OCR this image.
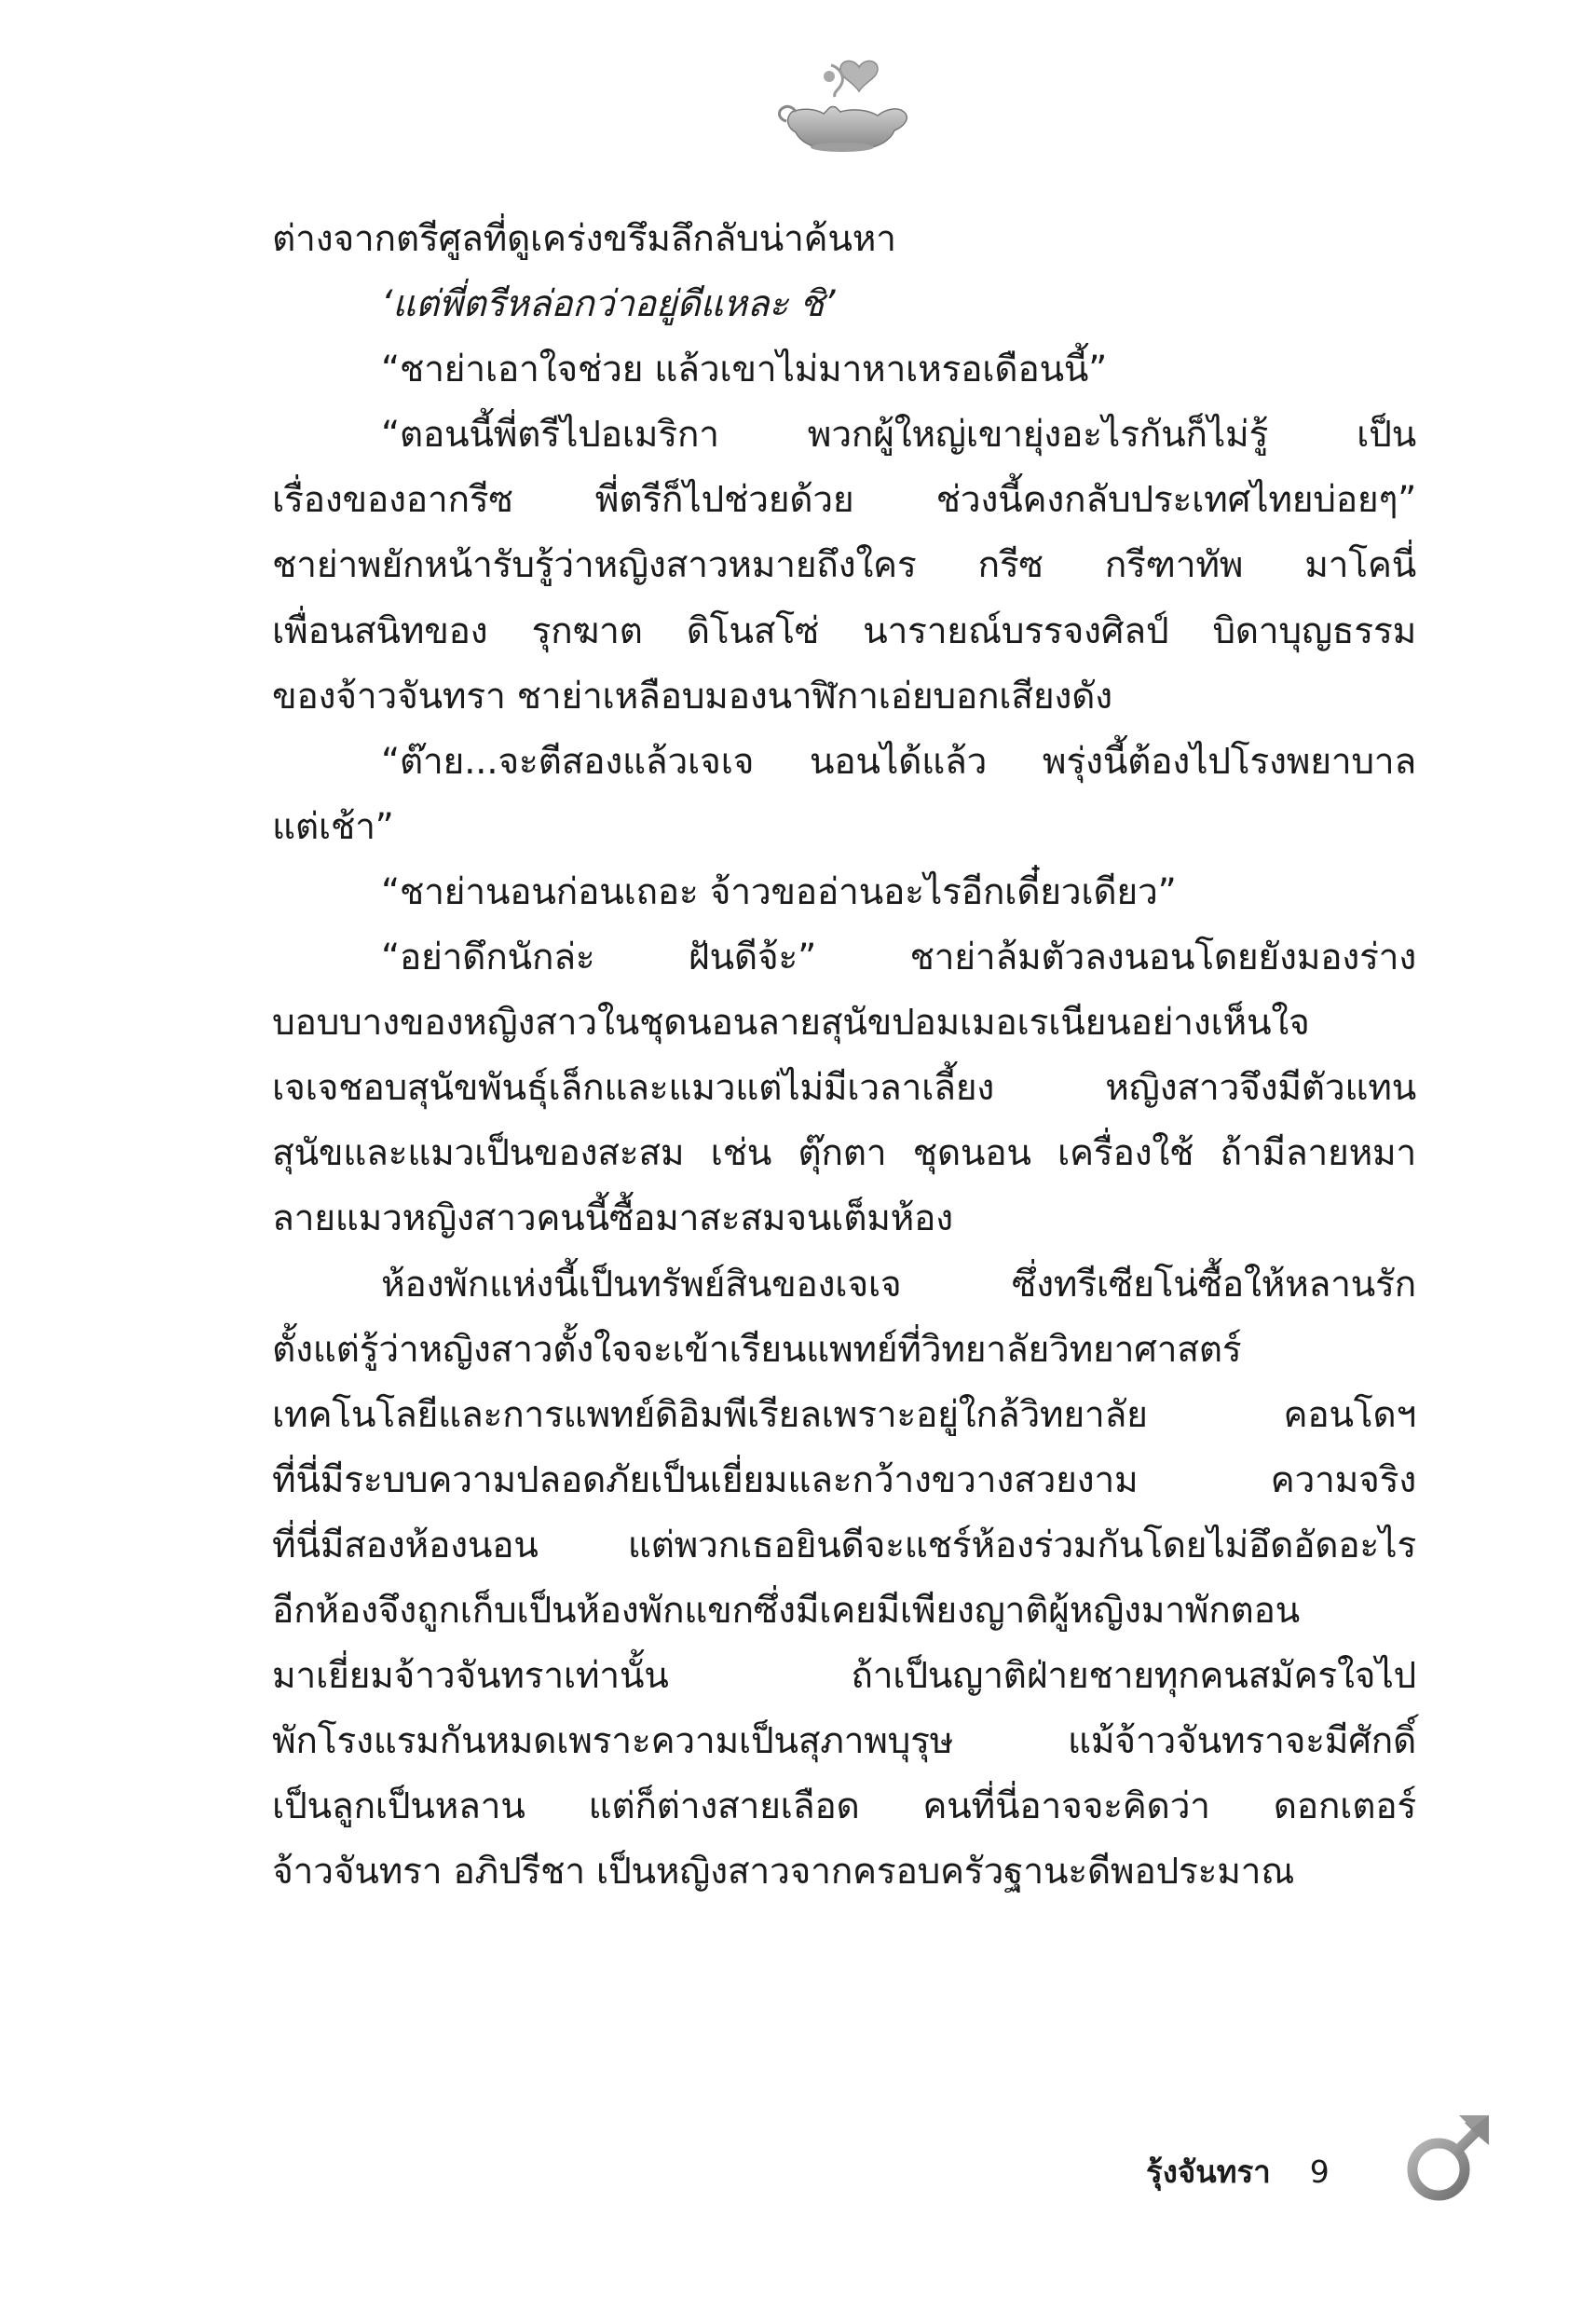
ต่างจากตรีศูลที่ดูเคร่งขรึมลึกลับน่าค้นหา
‘แต่พี่ตรีหล่อกว่าอยู่ดีแหละ ชิ’
“ชาย่าเอาใจช่วย แล้วเขาไม่มาหาเหรอเดือนนี้”
“ตอนนี้พี่ตรีไปอเมริกา พวกผู้ใหญ่เขายุ่งอะไรกันก็ไม่รู้ เป็น
เรื่องของอากรีซ พี่ตรีก็ไปช่วยด้วย ช่วงนี้คงกลับประเทศไทยบ่อยๆ”
ชาย่าพยักหน้ารับรู้ว่าหญิงสาวหมายถึงใคร กรีซ กรีฑาทัพ มาโคนี่
เพื่อนสนิทของ รุกฆาต ดิโนสโซ่ นารายณ์บรรจงศิลป์ บิดาบุญธรรม
ของจ้าวจันทรา ชาย่าเหลือบมองนาฬิกาเอ่ยบอกเสียงดัง
“ต๊าย...จะตีสองแล้วเจเจ นอนได้แล้ว พรุ่งนี้ต้องไปโรงพยาบาล
แต่เช้า”
“ชาย่านอนก่อนเถอะ จ้าวขออ่านอะไรอีกเดี๋ยวเดียว”
“อย่าดึกนักล่ะ ฝันดีจ้ะ” ชาย่าล้มตัวลงนอนโดยยังมองร่าง
บอบบางของหญิงสาวในชุดนอนลายสุนัขปอมเมอเรเนียนอย่างเห็นใจ
เจเจชอบสุนัขพันธุ์เล็กและแมวแต่ไม่มีเวลาเลี้ยง หญิงสาวจึงมีตัวแทน
สุนัขและแมวเป็นของสะสม เช่น ตุ๊กตา ชุดนอน เครื่องใช้ ถ้ามีลายหมา
ลายแมวหญิงสาวคนนี้ซื้อมาสะสมจนเต็มห้อง
ห้องพักแห่งนี้เป็นทรัพย์สินของเจเจ ซึ่งทรีเซียโน่ซื้อให้หลานรัก
ตั้งแต่รู้ว่าหญิงสาวตั้งใจจะเข้าเรียนแพทย์ที่วิทยาลัยวิทยาศาสตร์
เทคโนโลยีและการแพทย์ดิอิมพีเรียลเพราะอยู่ใกล้วิทยาลัย คอนโดฯ
ที่นี่มีระบบความปลอดภัยเป็นเยี่ยมและกว้างขวางสวยงาม ความจริง
ที่นี่มีสองห้องนอน แต่พวกเธอยินดีจะแชร์ห้องร่วมกันโดยไม่อึดอัดอะไร
อีกห้องจึงถูกเก็บเป็นห้องพักแขกซึ่งมีเคยมีเพียงญาติผู้หญิงมาพักตอน
มาเยี่ยมจ้าวจันทราเท่านั้น ถ้าเป็นญาติฝ่ายชายทุกคนสมัครใจไป
พักโรงแรมกันหมดเพราะความเป็นสุภาพบุรุษ แม้จ้าวจันทราจะมีศักดิ์
เป็นลูกเป็นหลาน แต่ก็ต่างสายเลือด คนที่นี่อาจจะคิดว่า ดอกเตอร์
จ้าวจันทรา อภิปรีชา เป็นหญิงสาวจากครอบครัวฐานะดีพอประมาณ
รุ้งจันทรา 9
